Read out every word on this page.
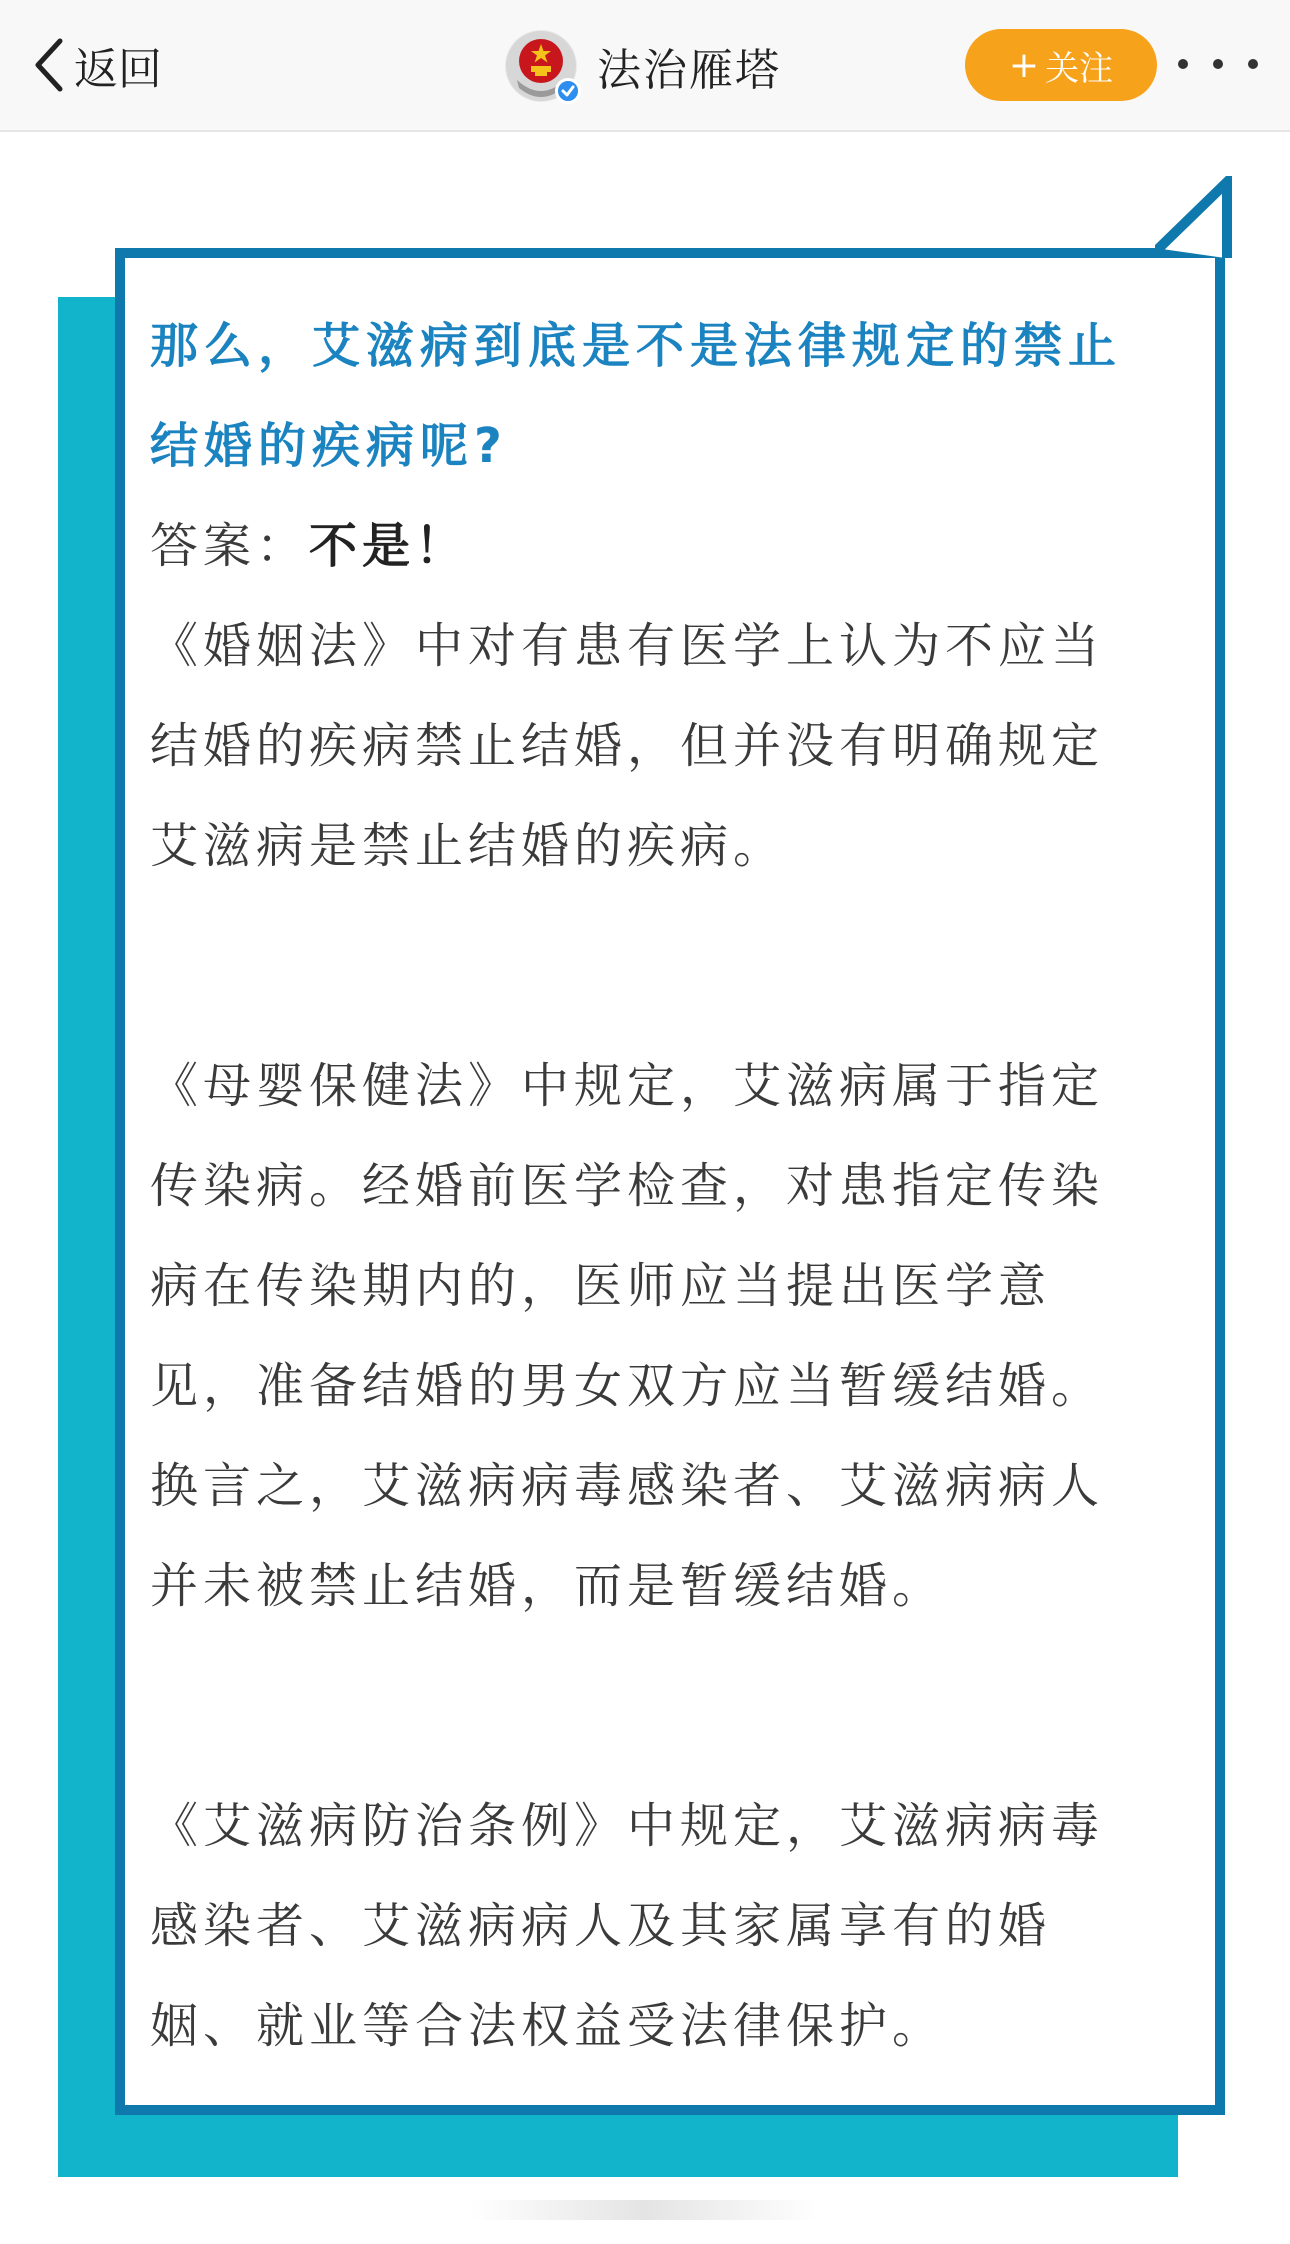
返回	法治雁塔	+ 关注

那么，艾滋病到底是不是法律规定的禁止结婚的疾病呢?

答案：不是！

《婚姻法》中对有患有医学上认为不应当结婚的疾病禁止结婚，但并没有明确规定艾滋病是禁止结婚的疾病。

《母婴保健法》中规定，艾滋病属于指定传染病。经婚前医学检查，对患指定传染病在传染期内的，医师应当提出医学意见，准备结婚的男女双方应当暂缓结婚。换言之，艾滋病病毒感染者、艾滋病病人并未被禁止结婚，而是暂缓结婚。

《艾滋病防治条例》中规定，艾滋病病毒感染者、艾滋病病人及其家属享有的婚姻、就业等合法权益受法律保护。
